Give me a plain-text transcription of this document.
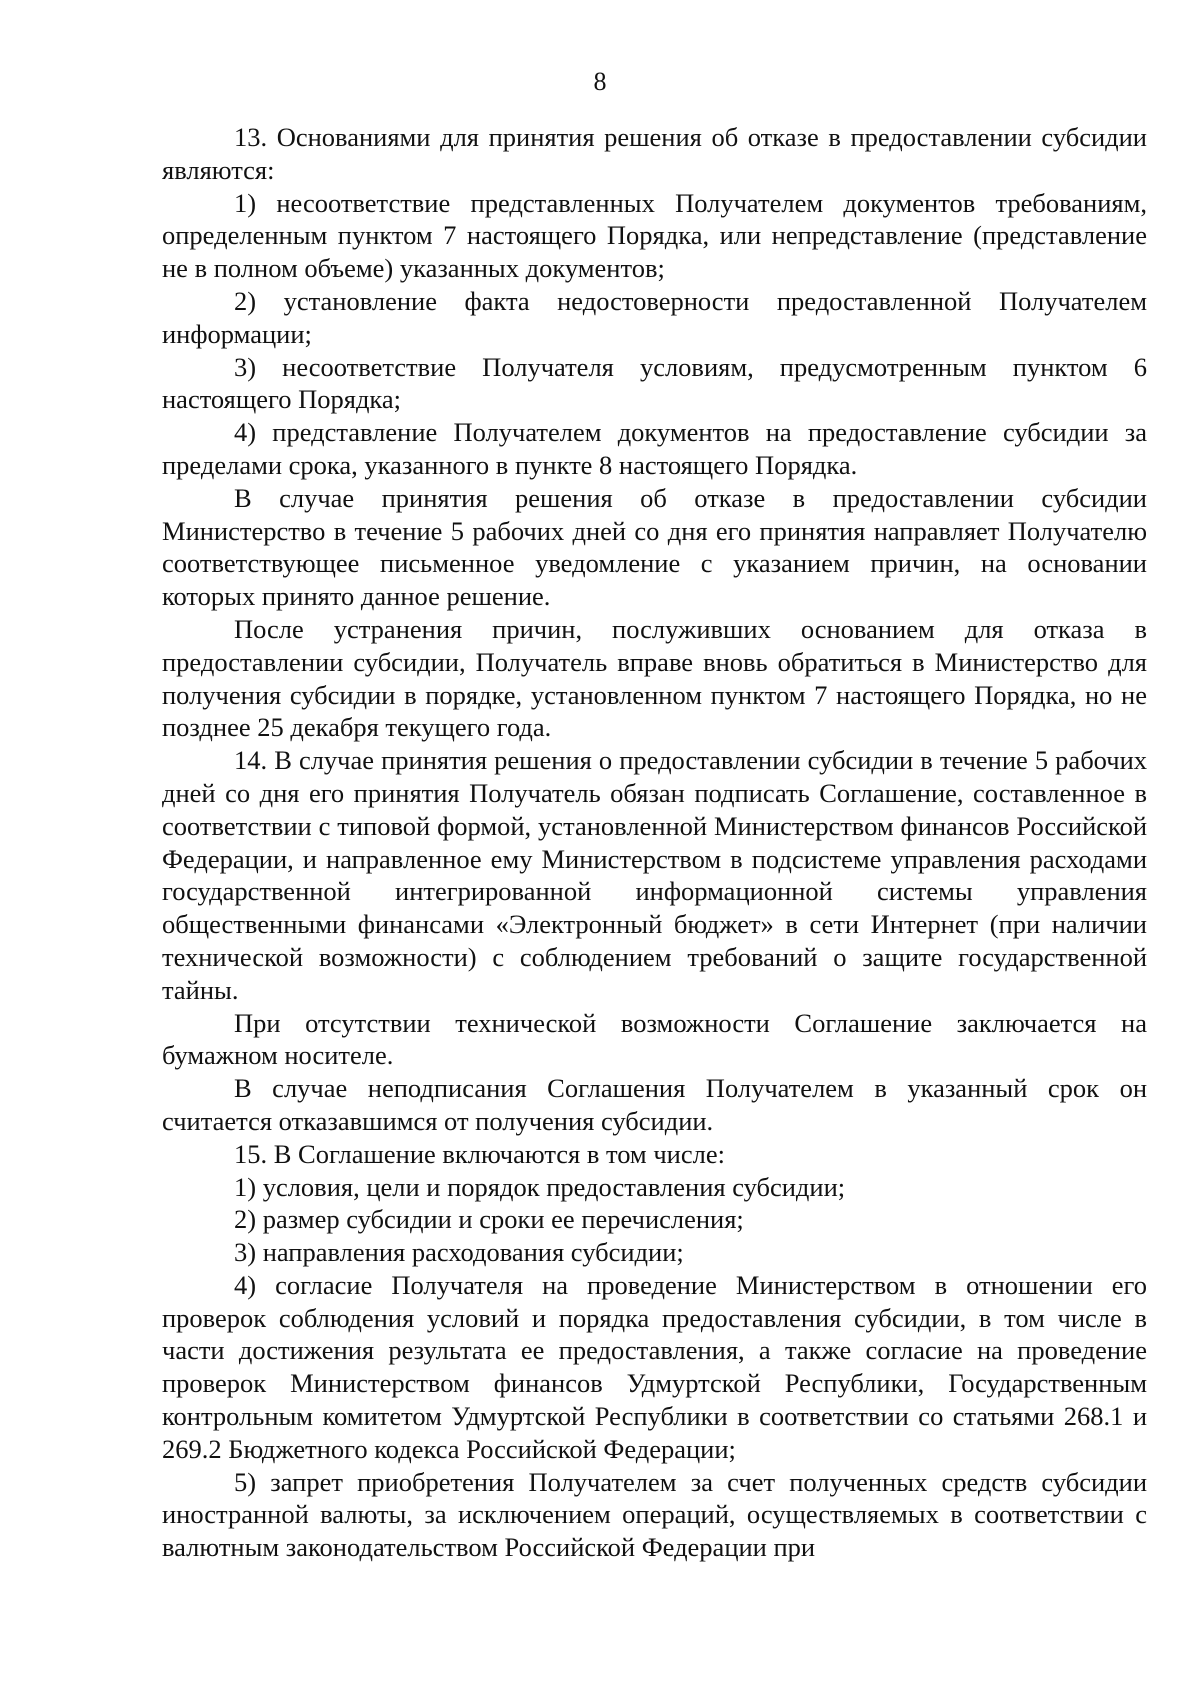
8

13. Основаниями для принятия решения об отказе в предоставлении субсидии являются:

1) несоответствие представленных Получателем документов требованиям, определенным пунктом 7 настоящего Порядка, или непредставление (представление не в полном объеме) указанных документов;

2) установление факта недостоверности предоставленной Получателем информации;

3) несоответствие Получателя условиям, предусмотренным пунктом 6 настоящего Порядка;

4) представление Получателем документов на предоставление субсидии за пределами срока, указанного в пункте 8 настоящего Порядка.

В случае принятия решения об отказе в предоставлении субсидии Министерство в течение 5 рабочих дней со дня его принятия направляет Получателю соответствующее письменное уведомление с указанием причин, на основании которых принято данное решение.

После устранения причин, послуживших основанием для отказа в предоставлении субсидии, Получатель вправе вновь обратиться в Министерство для получения субсидии в порядке, установленном пунктом 7 настоящего Порядка, но не позднее 25 декабря текущего года.

14. В случае принятия решения о предоставлении субсидии в течение 5 рабочих дней со дня его принятия Получатель обязан подписать Соглашение, составленное в соответствии с типовой формой, установленной Министерством финансов Российской Федерации, и направленное ему Министерством в подсистеме управления расходами государственной интегрированной информационной системы управления общественными финансами «Электронный бюджет» в сети Интернет (при наличии технической возможности) с соблюдением требований о защите государственной тайны.

При отсутствии технической возможности Соглашение заключается на бумажном носителе.

В случае неподписания Соглашения Получателем в указанный срок он считается отказавшимся от получения субсидии.

15. В Соглашение включаются в том числе:

1) условия, цели и порядок предоставления субсидии;

2) размер субсидии и сроки ее перечисления;

3) направления расходования субсидии;

4) согласие Получателя на проведение Министерством в отношении его проверок соблюдения условий и порядка предоставления субсидии, в том числе в части достижения результата ее предоставления, а также согласие на проведение проверок Министерством финансов Удмуртской Республики, Государственным контрольным комитетом Удмуртской Республики в соответствии со статьями 268.1 и 269.2 Бюджетного кодекса Российской Федерации;

5) запрет приобретения Получателем за счет полученных средств субсидии иностранной валюты, за исключением операций, осуществляемых в соответствии с валютным законодательством Российской Федерации при
